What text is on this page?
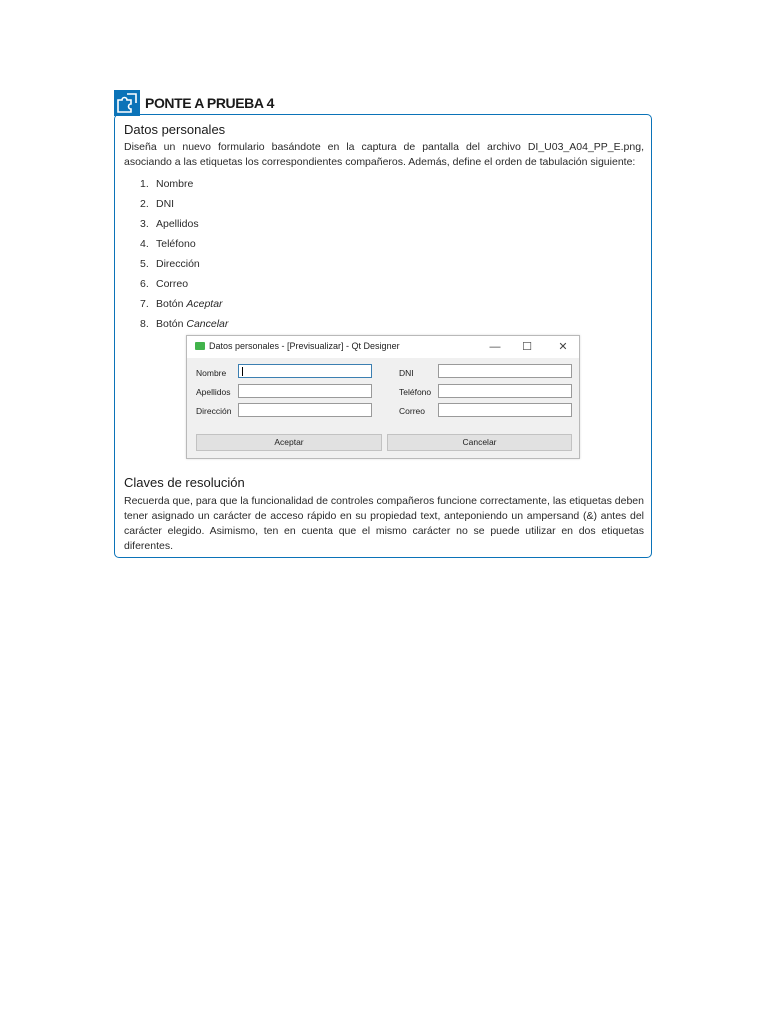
PONTE A PRUEBA 4
Datos personales
Diseña un nuevo formulario basándote en la captura de pantalla del archivo DI_U03_A04_PP_E.png, asociando a las etiquetas los correspondientes compañeros. Además, define el orden de tabulación siguiente:
1. Nombre
2. DNI
3. Apellidos
4. Teléfono
5. Dirección
6. Correo
7. Botón Aceptar
8. Botón Cancelar
Datos personales - [Previsualizar] - Qt Designer	—	☐	✕
Nombre	DNI
Apellidos	Teléfono
Dirección	Correo
Aceptar	Cancelar
Claves de resolución
Recuerda que, para que la funcionalidad de controles compañeros funcione correctamente, las etiquetas deben tener asignado un carácter de acceso rápido en su propiedad text, anteponiendo un ampersand (&) antes del carácter elegido. Asimismo, ten en cuenta que el mismo carácter no se puede utilizar en dos etiquetas diferentes.
